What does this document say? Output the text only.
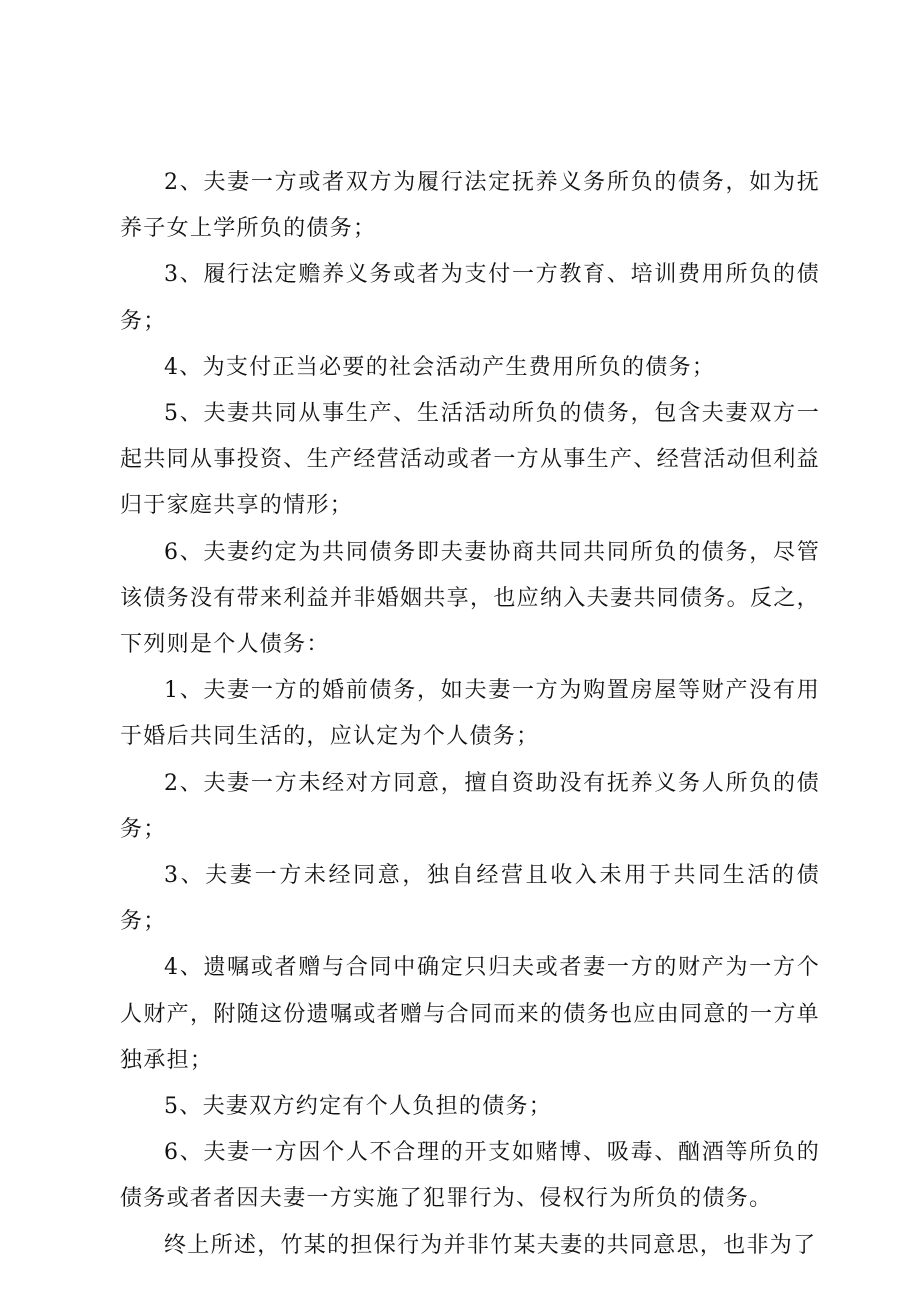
2、夫妻一方或者双方为履行法定抚养义务所负的债务，如为抚养子女上学所负的债务；

3、履行法定赡养义务或者为支付一方教育、培训费用所负的债务；

4、为支付正当必要的社会活动产生费用所负的债务；

5、夫妻共同从事生产、生活活动所负的债务，包含夫妻双方一起共同从事投资、生产经营活动或者一方从事生产、经营活动但利益归于家庭共享的情形；

6、夫妻约定为共同债务即夫妻协商共同共同所负的债务，尽管该债务没有带来利益并非婚姻共享，也应纳入夫妻共同债务。反之，下列则是个人债务：

1、夫妻一方的婚前债务，如夫妻一方为购置房屋等财产没有用于婚后共同生活的，应认定为个人债务；

2、夫妻一方未经对方同意，擅自资助没有抚养义务人所负的债务；

3、夫妻一方未经同意，独自经营且收入未用于共同生活的债务；

4、遗嘱或者赠与合同中确定只归夫或者妻一方的财产为一方个人财产，附随这份遗嘱或者赠与合同而来的债务也应由同意的一方单独承担；

5、夫妻双方约定有个人负担的债务；

6、夫妻一方因个人不合理的开支如赌博、吸毒、酗酒等所负的债务或者者因夫妻一方实施了犯罪行为、侵权行为所负的债务。

终上所述，竹某的担保行为并非竹某夫妻的共同意思，也非为了
